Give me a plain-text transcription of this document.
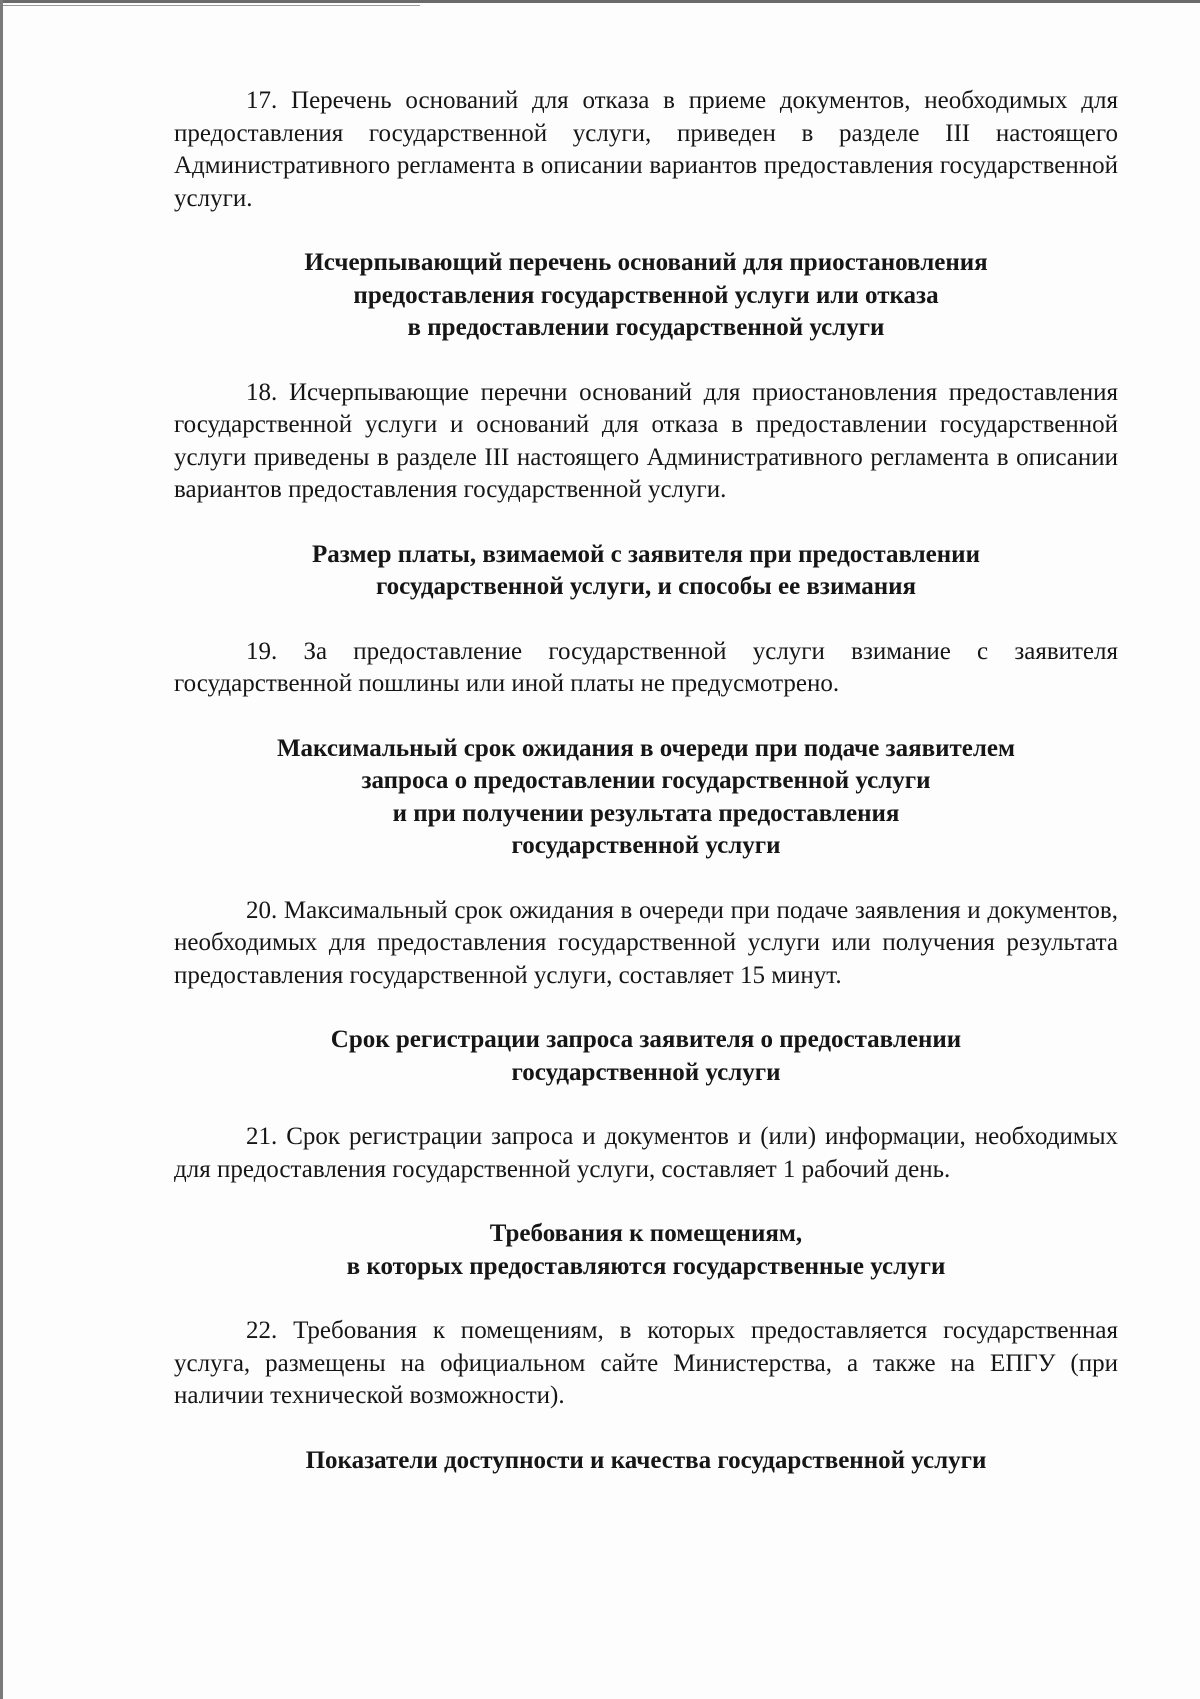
17. Перечень оснований для отказа в приеме документов, необходимых для предоставления государственной услуги, приведен в разделе III настоящего Административного регламента в описании вариантов предоставления государственной услуги.

Исчерпывающий перечень оснований для приостановления
предоставления государственной услуги или отказа
в предоставлении государственной услуги

18. Исчерпывающие перечни оснований для приостановления предоставления государственной услуги и оснований для отказа в предоставлении государственной услуги приведены в разделе III настоящего Административного регламента в описании вариантов предоставления государственной услуги.

Размер платы, взимаемой с заявителя при предоставлении
государственной услуги, и способы ее взимания

19. За предоставление государственной услуги взимание с заявителя государственной пошлины или иной платы не предусмотрено.

Максимальный срок ожидания в очереди при подаче заявителем
запроса о предоставлении государственной услуги
и при получении результата предоставления
государственной услуги

20. Максимальный срок ожидания в очереди при подаче заявления и документов, необходимых для предоставления государственной услуги или получения результата предоставления государственной услуги, составляет 15 минут.

Срок регистрации запроса заявителя о предоставлении
государственной услуги

21. Срок регистрации запроса и документов и (или) информации, необходимых для предоставления государственной услуги, составляет 1 рабочий день.

Требования к помещениям,
в которых предоставляются государственные услуги

22. Требования к помещениям, в которых предоставляется государственная услуга, размещены на официальном сайте Министерства, а также на ЕПГУ (при наличии технической возможности).

Показатели доступности и качества государственной услуги
